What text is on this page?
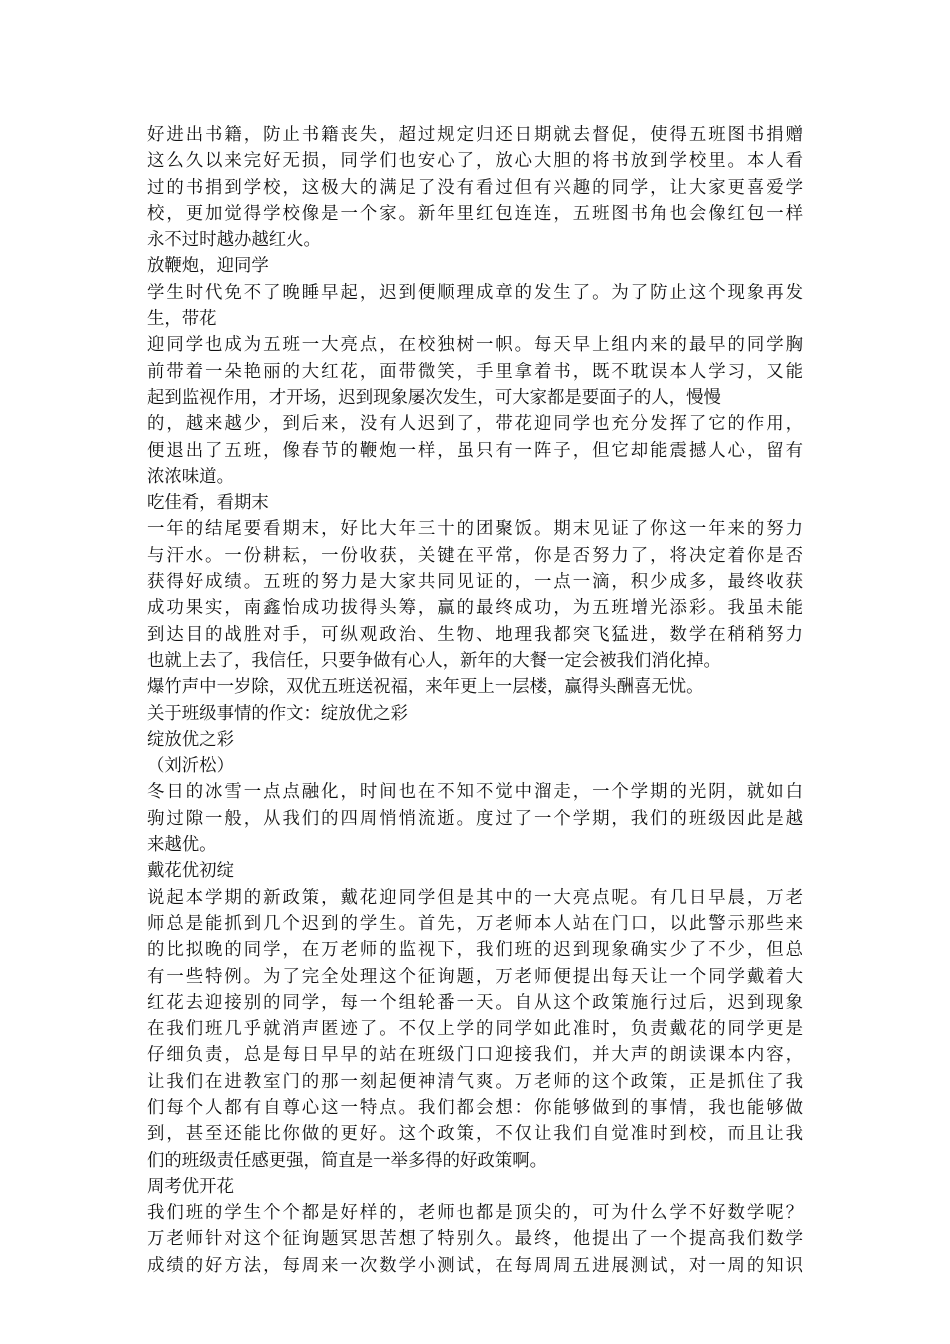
好进出书籍，防止书籍丧失，超过规定归还日期就去督促，使得五班图书捐赠
这么久以来完好无损，同学们也安心了，放心大胆的将书放到学校里。本人看
过的书捐到学校，这极大的满足了没有看过但有兴趣的同学，让大家更喜爱学
校，更加觉得学校像是一个家。新年里红包连连，五班图书角也会像红包一样
永不过时越办越红火。
放鞭炮，迎同学
学生时代免不了晚睡早起，迟到便顺理成章的发生了。为了防止这个现象再发
生，带花
迎同学也成为五班一大亮点，在校独树一帜。每天早上组内来的最早的同学胸
前带着一朵艳丽的大红花，面带微笑，手里拿着书，既不耽误本人学习，又能
起到监视作用，才开场，迟到现象屡次发生，可大家都是要面子的人，慢慢
的，越来越少，到后来，没有人迟到了，带花迎同学也充分发挥了它的作用，
便退出了五班，像春节的鞭炮一样，虽只有一阵子，但它却能震撼人心，留有
浓浓味道。
吃佳肴，看期末
一年的结尾要看期末，好比大年三十的团聚饭。期末见证了你这一年来的努力
与汗水。一份耕耘，一份收获，关键在平常，你是否努力了，将决定着你是否
获得好成绩。五班的努力是大家共同见证的，一点一滴，积少成多，最终收获
成功果实，南鑫怡成功拔得头筹，赢的最终成功，为五班增光添彩。我虽未能
到达目的战胜对手，可纵观政治、生物、地理我都突飞猛进，数学在稍稍努力
也就上去了，我信任，只要争做有心人，新年的大餐一定会被我们消化掉。
爆竹声中一岁除，双优五班送祝福，来年更上一层楼，赢得头酬喜无忧。
关于班级事情的作文：绽放优之彩
绽放优之彩
（刘沂松）
冬日的冰雪一点点融化，时间也在不知不觉中溜走，一个学期的光阴，就如白
驹过隙一般，从我们的四周悄悄流逝。度过了一个学期，我们的班级因此是越
来越优。
戴花优初绽
说起本学期的新政策，戴花迎同学但是其中的一大亮点呢。有几日早晨，万老
师总是能抓到几个迟到的学生。首先，万老师本人站在门口，以此警示那些来
的比拟晚的同学，在万老师的监视下，我们班的迟到现象确实少了不少，但总
有一些特例。为了完全处理这个征询题，万老师便提出每天让一个同学戴着大
红花去迎接别的同学，每一个组轮番一天。自从这个政策施行过后，迟到现象
在我们班几乎就消声匿迹了。不仅上学的同学如此准时，负责戴花的同学更是
仔细负责，总是每日早早的站在班级门口迎接我们，并大声的朗读课本内容，
让我们在进教室门的那一刻起便神清气爽。万老师的这个政策，正是抓住了我
们每个人都有自尊心这一特点。我们都会想：你能够做到的事情，我也能够做
到，甚至还能比你做的更好。这个政策，不仅让我们自觉准时到校，而且让我
们的班级责任感更强，简直是一举多得的好政策啊。
周考优开花
我们班的学生个个都是好样的，老师也都是顶尖的，可为什么学不好数学呢？
万老师针对这个征询题冥思苦想了特别久。最终，他提出了一个提高我们数学
成绩的好方法，每周来一次数学小测试，在每周周五进展测试，对一周的知识
